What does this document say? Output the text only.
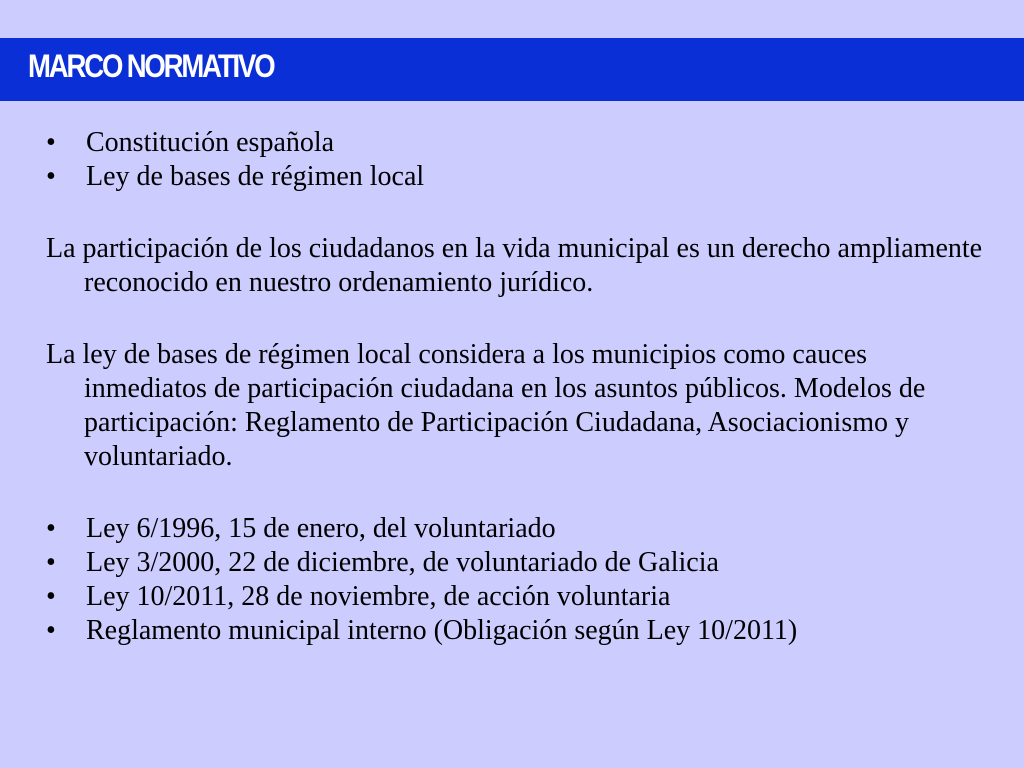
MARCO NORMATIVO
• Constitución española
• Ley de bases de régimen local

La participación de los ciudadanos en la vida municipal es un derecho ampliamente reconocido en nuestro ordenamiento jurídico.

La ley de bases de régimen local considera a los municipios como cauces inmediatos de participación ciudadana en los asuntos públicos. Modelos de participación: Reglamento de Participación Ciudadana, Asociacionismo y voluntariado.

• Ley 6/1996, 15 de enero, del voluntariado
• Ley 3/2000, 22 de diciembre, de voluntariado de Galicia
• Ley 10/2011, 28 de noviembre, de acción voluntaria
• Reglamento municipal interno (Obligación según Ley 10/2011)
